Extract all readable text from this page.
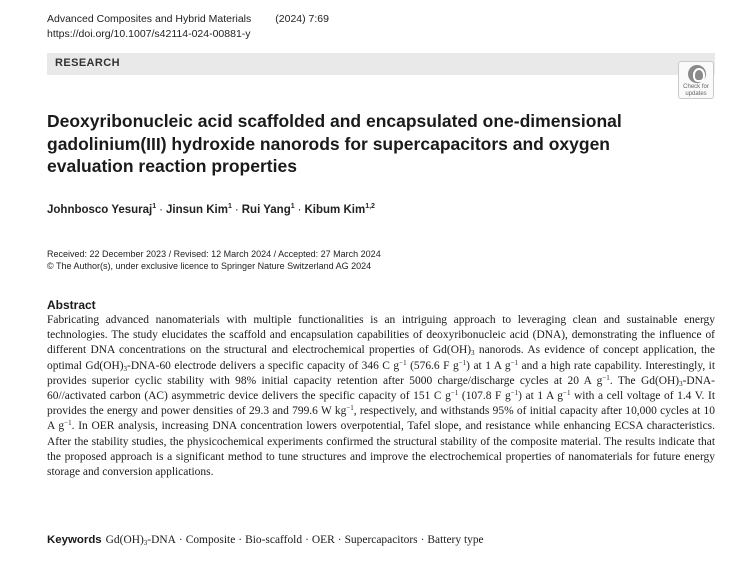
Advanced Composites and Hybrid Materials (2024) 7:69
https://doi.org/10.1007/s42114-024-00881-y
RESEARCH
Check for updates
Deoxyribonucleic acid scaffolded and encapsulated one-dimensional gadolinium(III) hydroxide nanorods for supercapacitors and oxygen evaluation reaction properties
Johnbosco Yesuraj$^1$ · Jinsun Kim$^1$ · Rui Yang$^1$ · Kibum Kim$^{1,2}$
Received: 22 December 2023 / Revised: 12 March 2024 / Accepted: 27 March 2024
© The Author(s), under exclusive licence to Springer Nature Switzerland AG 2024
Abstract

Fabricating advanced nanomaterials with multiple functionalities is an intriguing approach to leveraging clean and sustainable energy technologies. The study elucidates the scaffold and encapsulation capabilities of deoxyribonucleic acid (DNA), demonstrating the influence of different DNA concentrations on the structural and electrochemical properties of $Gd(OH)_3$ nanorods. As evidence of concept application, the optimal $Gd(OH)_3-DNA-60$ electrode delivers a specific capacity of 346 C $g^{-1}$ (576.6 F $g^{-1}$) at 1 A $g^{-1}$ and a high rate capability. Interestingly, it provides superior cyclic stability with 98% initial capacity retention after 5000 charge/discharge cycles at 20 A $g^{-1}$. The $Gd(OH)_3-DNA-60/$/activated carbon (AC) asymmetric device delivers the specific capacity of 151 C $g^{-1}$ (107.8 F $g^{-1}$) at 1 A $g^{-1}$ with a cell voltage of 1.4 V. It provides the energy and power densities of 29.3 and 799.6 W $kg^{-1}$, respectively, and withstands 95% of initial capacity after 10,000 cycles at 10 A $g^{-1}$. In OER analysis, increasing DNA concentration lowers overpotential, Tafel slope, and resistance while enhancing ECSA characteristics. After the stability studies, the physicochemical experiments confirmed the structural stability of the composite material. The results indicate that the proposed approach is a significant method to tune structures and improve the electrochemical properties of nanomaterials for future energy storage and conversion applications.

Keywords $Gd(OH)_3$-DNA · Composite · Bio-scaffold · OER · Supercapacitors · Battery type
